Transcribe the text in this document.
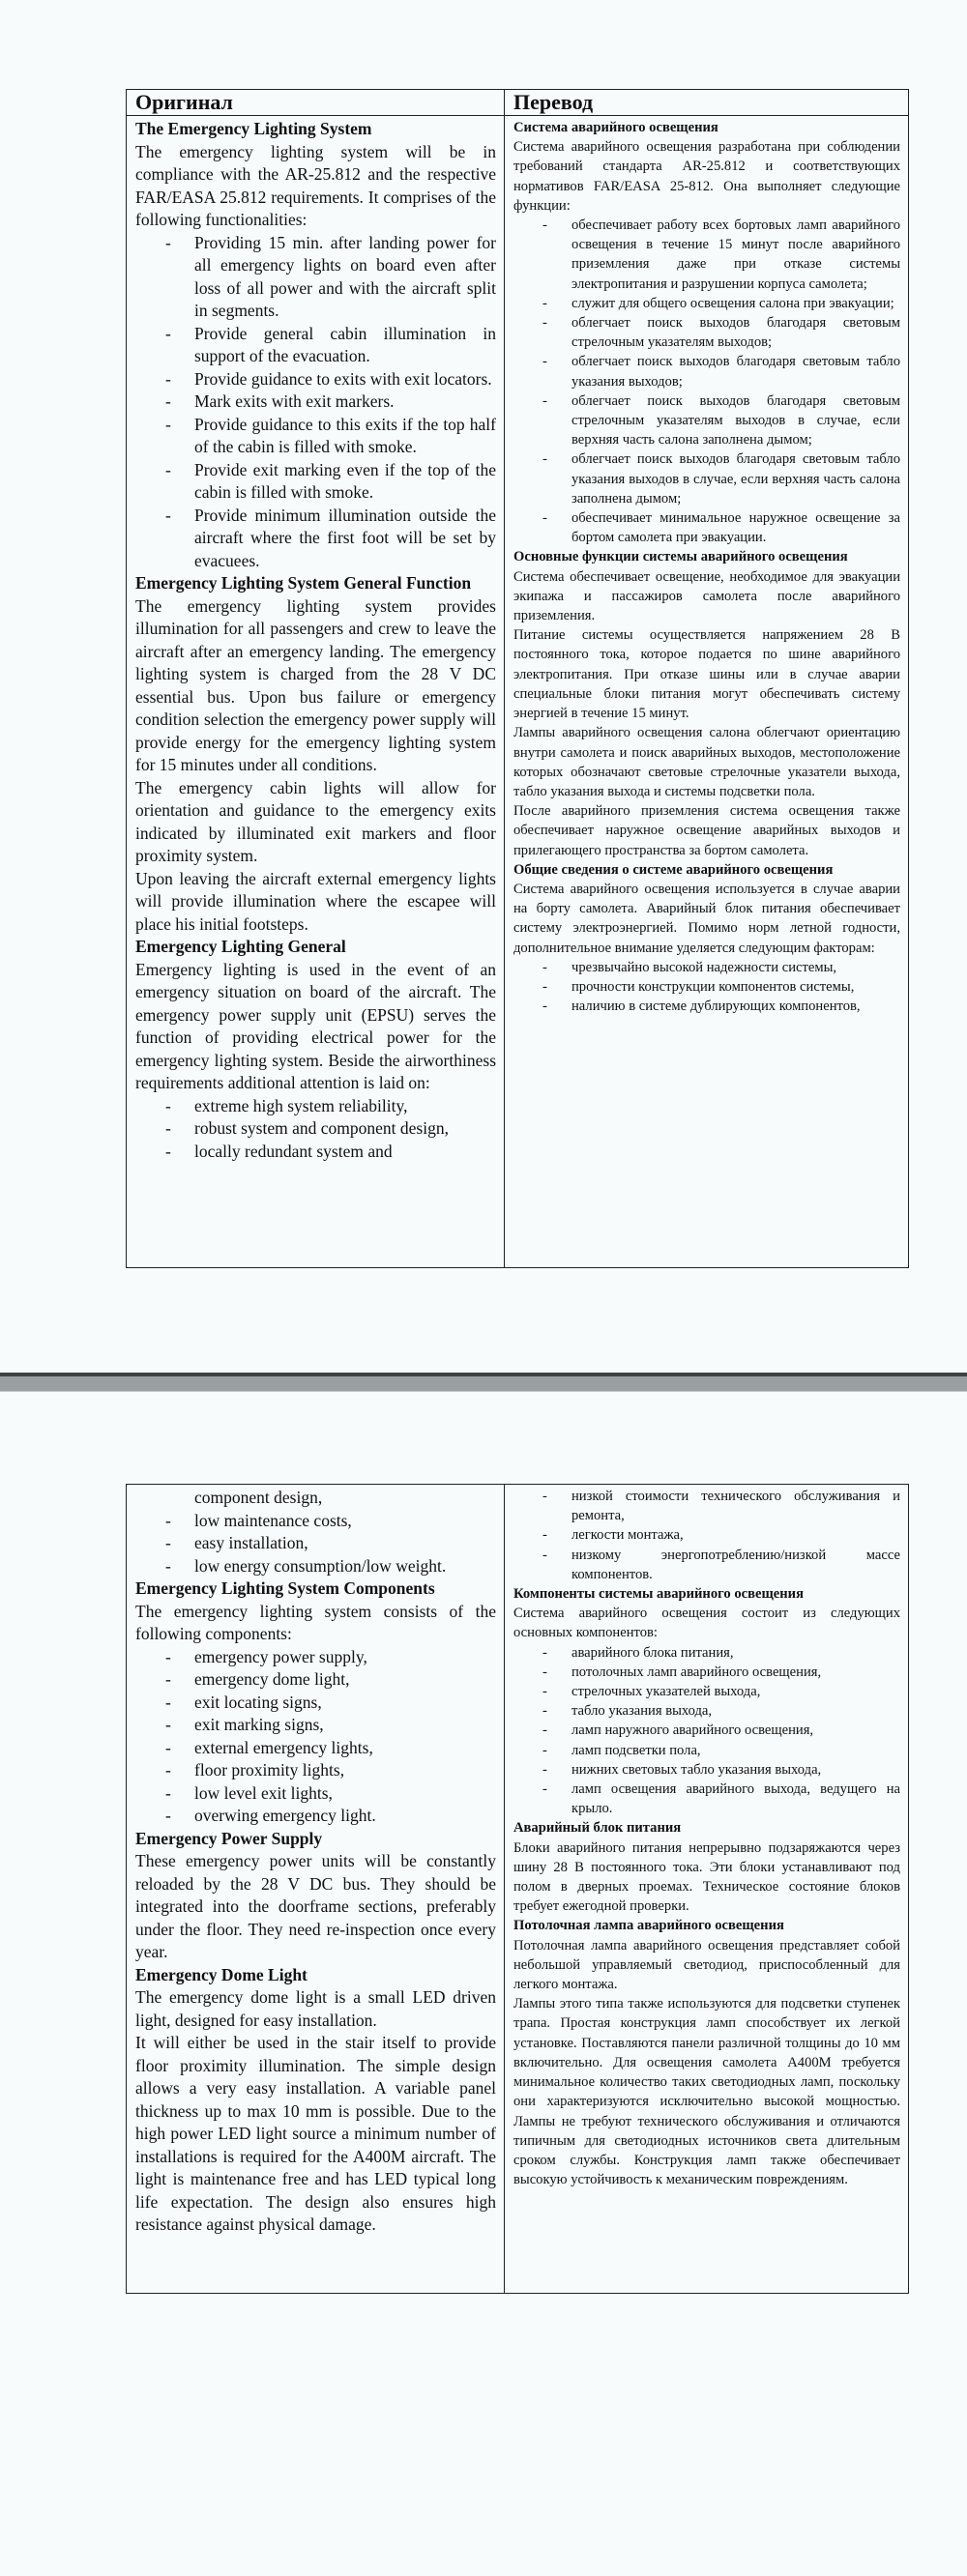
Оригинал	Перевод
The Emergency Lighting System

The emergency lighting system will be in compliance with the AR-25.812 and the respective FAR/EASA 25.812 requirements. It comprises of the following functionalities:

- Providing 15 min. after landing power for all emergency lights on board even after loss of all power and with the aircraft split in segments.
- Provide general cabin illumination in support of the evacuation.
- Provide guidance to exits with exit locators.
- Mark exits with exit markers.
- Provide guidance to this exits if the top half of the cabin is filled with smoke.
- Provide exit marking even if the top of the cabin is filled with smoke.
- Provide minimum illumination outside the aircraft where the first foot will be set by evacuees.
Emergency Lighting System General Function

The emergency lighting system provides illumination for all passengers and crew to leave the aircraft after an emergency landing. The emergency lighting system is charged from the 28 V DC essential bus. Upon bus failure or emergency condition selection the emergency power supply will provide energy for the emergency lighting system for 15 minutes under all conditions.

The emergency cabin lights will allow for orientation and guidance to the emergency exits indicated by illuminated exit markers and floor proximity system.

Upon leaving the aircraft external emergency lights will provide illumination where the escapee will place his initial footsteps.

Emergency Lighting General

Emergency lighting is used in the event of an emergency situation on board of the aircraft. The emergency power supply unit (EPSU) serves the function of providing electrical power for the emergency lighting system. Beside the airworthiness requirements additional attention is laid on:

- extreme high system reliability,
- robust system and component design,
- locally redundant system and
Система аварийного освещения

Система аварийного освещения разработана при соблюдении требований стандарта AR-25.812 и соответствующих нормативов FAR/EASA 25-812. Она выполняет следующие функции:

- обеспечивает работу всех бортовых ламп аварийного освещения в течение 15 минут после аварийного приземления даже при отказе системы электропитания и разрушении корпуса самолета;
- служит для общего освещения салона при эвакуации;
- облегчает поиск выходов благодаря световым стрелочным указателям выходов;
- облегчает поиск выходов благодаря световым табло указания выходов;
- облегчает поиск выходов благодаря световым стрелочным указателям выходов в случае, если верхняя часть салона заполнена дымом;
- облегчает поиск выходов благодаря световым табло указания выходов в случае, если верхняя часть салона заполнена дымом;
- обеспечивает минимальное наружное освещение за бортом самолета при эвакуации.
Основные функции системы аварийного освещения

Система обеспечивает освещение, необходимое для эвакуации экипажа и пассажиров самолета после аварийного приземления.

Питание системы осуществляется напряжением 28 В постоянного тока, которое подается по шине аварийного электропитания. При отказе шины или в случае аварии специальные блоки питания могут обеспечивать систему энергией в течение 15 минут.

Лампы аварийного освещения салона облегчают ориентацию внутри самолета и поиск аварийных выходов, местоположение которых обозначают световые стрелочные указатели выхода, табло указания выхода и системы подсветки пола.

После аварийного приземления система освещения также обеспечивает наружное освещение аварийных выходов и прилегающего пространства за бортом самолета.

Общие сведения о системе аварийного освещения

Система аварийного освещения используется в случае аварии на борту самолета. Аварийный блок питания обеспечивает систему электроэнергией. Помимо норм летной годности, дополнительное внимание уделяется следующим факторам:

- чрезвычайно высокой надежности системы,
- прочности конструкции компонентов системы,
- наличию в системе дублирующих компонентов,

component design,

- low maintenance costs,
- easy installation,
- low energy consumption/low weight.
Emergency Lighting System Components

The emergency lighting system consists of the following components:

- emergency power supply,
- emergency dome light,
- exit locating signs,
- exit marking signs,
- external emergency lights,
- floor proximity lights,
- low level exit lights,
- overwing emergency light.
Emergency Power Supply

These emergency power units will be constantly reloaded by the 28 V DC bus. They should be integrated into the doorframe sections, preferably under the floor. They need re-inspection once every year.

Emergency Dome Light

The emergency dome light is a small LED driven light, designed for easy installation.

It will either be used in the stair itself to provide floor proximity illumination. The simple design allows a very easy installation. A variable panel thickness up to max 10 mm is possible. Due to the high power LED light source a minimum number of installations is required for the A400M aircraft. The light is maintenance free and has LED typical long life expectation. The design also ensures high resistance against physical damage.

- низкой стоимости технического обслуживания и ремонта,
- легкости монтажа,
- низкому энергопотреблению/низкой массе компонентов.
Компоненты системы аварийного освещения

Система аварийного освещения состоит из следующих основных компонентов:

- аварийного блока питания,
- потолочных ламп аварийного освещения,
- стрелочных указателей выхода,
- табло указания выхода,
- ламп наружного аварийного освещения,
- ламп подсветки пола,
- нижних световых табло указания выхода,
- ламп освещения аварийного выхода, ведущего на крыло.
Аварийный блок питания

Блоки аварийного питания непрерывно подзаряжаются через шину 28 В постоянного тока. Эти блоки устанавливают под полом в дверных проемах. Техническое состояние блоков требует ежегодной проверки.

Потолочная лампа аварийного освещения

Потолочная лампа аварийного освещения представляет собой небольшой управляемый светодиод, приспособленный для легкого монтажа.

Лампы этого типа также используются для подсветки ступенек трапа. Простая конструкция ламп способствует их легкой установке. Поставляются панели различной толщины до 10 мм включительно. Для освещения самолета А400М требуется минимальное количество таких светодиодных ламп, поскольку они характеризуются исключительно высокой мощностью. Лампы не требуют технического обслуживания и отличаются типичным для светодиодных источников света длительным сроком службы. Конструкция ламп также обеспечивает высокую устойчивость к механическим повреждениям.
